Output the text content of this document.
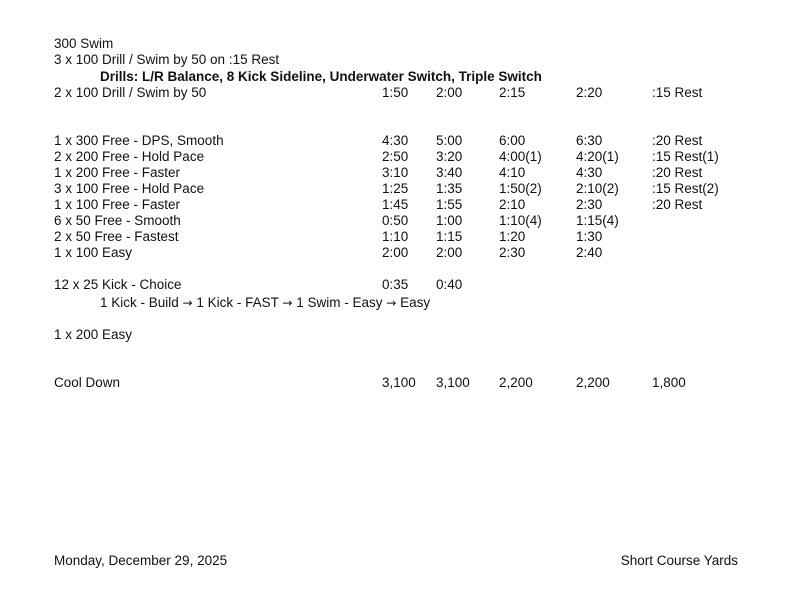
300 Swim
3 x 100 Drill / Swim by 50 on :15 Rest
Drills: L/R Balance, 8 Kick Sideline, Underwater Switch, Triple Switch
2 x 100 Drill / Swim by 50	1:50 2:00	2:15	2:20	:15 Rest
1 x 300 Free - DPS, Smooth	4:30 5:00	6:00	6:30	:20 Rest
2 x 200 Free - Hold Pace	2:50 3:20	4:00(1)	4:20(1) :15 Rest(1)
1 x 200 Free - Faster	3:10 3:40	4:10	4:30	:20 Rest
3 x 100 Free - Hold Pace	1:25 1:35	1:50(2)	2:10(2) :15 Rest(2)
1 x 100 Free - Faster	1:45 1:55	2:10	2:30	:20 Rest
6 x 50 Free - Smooth	0:50 1:00	1:10(4)	1:15(4)
2 x 50 Free - Fastest	1:10 1:15	1:20	1:30
1 x 100 Easy	2:00 2:00	2:30	2:40
12 x 25 Kick - Choice	0:35 0:40
1 Kick - Build → 1 Kick - FAST → 1 Swim - Easy → Easy
1 x 200 Easy
Cool Down	3,100 3,100 2,200	2,200	1,800
Monday, December 29, 2025	Short Course Yards
